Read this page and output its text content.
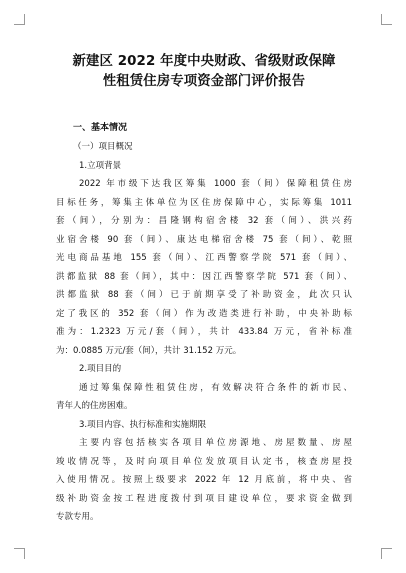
新建区 2022 年度中央财政、省级财政保障
性租赁住房专项资金部门评价报告

一、基本情况

（一）项目概况

1.立项背景

2022 年市级下达我区筹集 1000 套（间）保障租赁住房

目标任务，筹集主体单位为区住房保障中心，实际筹集 1011

套（间），分别为：昌隆钢构宿舍楼 32 套（间）、洪兴药

业宿舍楼 90 套（间）、康达电梯宿舍楼 75 套（间）、乾照

光电商品基地 155 套（间）、江西警察学院 571 套（间）、

洪都监狱 88 套（间），其中：因江西警察学院 571 套（间）、

洪都监狱 88 套（间）已于前期享受了补助资金，此次只认

定了我区的 352 套（间）作为改造类进行补助，中央补助标

准为：1.2323 万元/套（间），共计 433.84 万元，省补标准

为：0.0885 万元/套（间），共计 31.152 万元。

2.项目目的

通过筹集保障性租赁住房，有效解决符合条件的新市民、

青年人的住房困难。

3.项目内容、执行标准和实施期限

主要内容包括核实各项目单位房源地、房屋数量、房屋

竣收情况等，及时向项目单位发放项目认定书，核查房屋投

入使用情况。按照上级要求 2022 年 12 月底前，将中央、省

级补助资金按工程进度拨付到项目建设单位，要求资金做到

专款专用。
